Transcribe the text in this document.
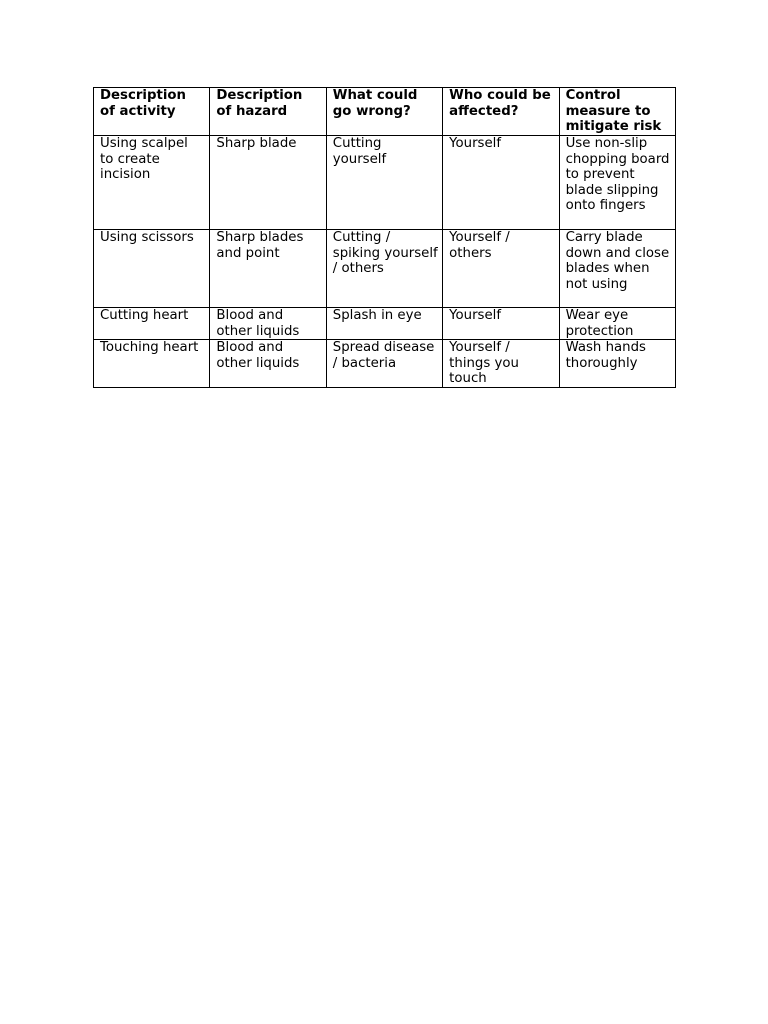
Description of activity	Description of hazard	What could go wrong?	Who could be affected?	Control measure to mitigate risk
Using scalpel to create incision	Sharp blade	Cutting yourself	Yourself	Use non-slip chopping board to prevent blade slipping onto fingers
Using scissors	Sharp blades and point	Cutting / spiking yourself / others	Yourself / others	Carry blade down and close blades when not using
Cutting heart	Blood and other liquids	Splash in eye	Yourself	Wear eye protection
Touching heart	Blood and other liquids	Spread disease / bacteria	Yourself / things you touch	Wash hands thoroughly
